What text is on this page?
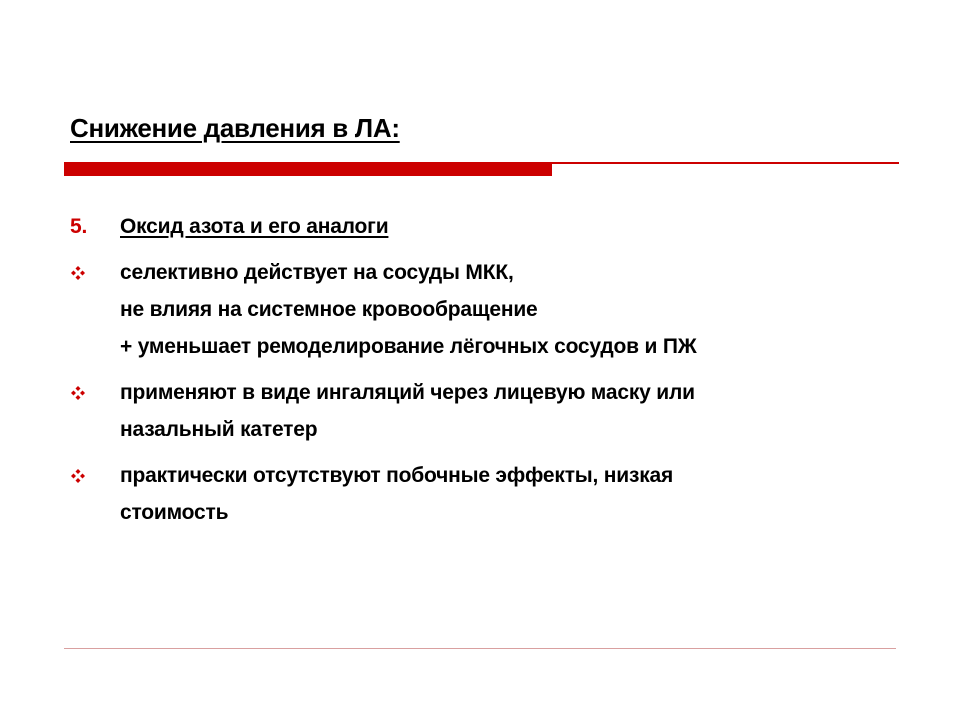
Снижение давления в ЛА:
5. Оксид азота и его аналоги
селективно действует на сосуды МКК,
не влияя на системное кровообращение
+ уменьшает ремоделирование лёгочных сосудов и ПЖ
применяют в виде ингаляций через лицевую маску или
назальный катетер
практически отсутствуют побочные эффекты, низкая
стоимость
